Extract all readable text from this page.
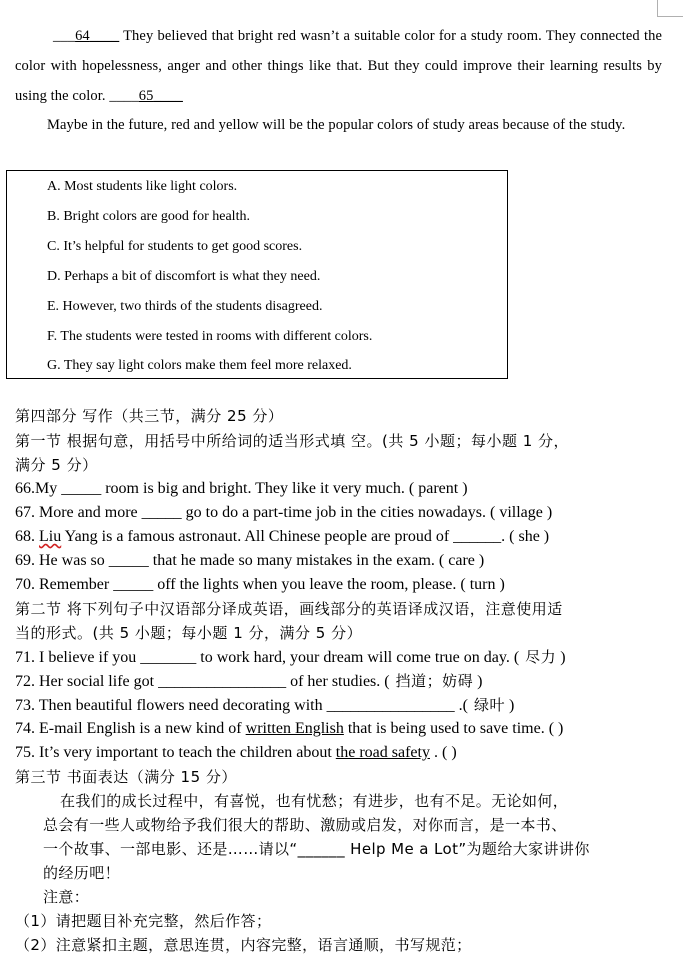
___64____ They believed that bright red wasn’t a suitable color for a study room. They connected the color with hopelessness, anger and other things like that. But they could improve their learning results by using the color. ____65____
Maybe in the future, red and yellow will be the popular colors of study areas because of the study.
A. Most students like light colors.
B. Bright colors are good for health.
C. It’s helpful for students to get good scores.
D. Perhaps a bit of discomfort is what they need.
E. However, two thirds of the students disagreed.
F. The students were tested in rooms with different colors.
G. They say light colors make them feel more relaxed.
第四部分 写作（共三节，满分 25 分）
第一节 根据句意，用括号中所给词的适当形式填 空。(共 5 小题；每小题 1 分，
满分 5 分）
66.My _____ room is big and bright. They like it very much. ( parent )
67. More and more _____ go to do a part-time job in the cities nowadays. ( village )
68. Liu Yang is a famous astronaut. All Chinese people are proud of ______. ( she )
69. He was so _____ that he made so many mistakes in the exam. ( care )
70. Remember _____ off the lights when you leave the room, please. ( turn )
第二节 将下列句子中汉语部分译成英语，画线部分的英语译成汉语，注意使用适
当的形式。(共 5 小题；每小题 1 分，满分 5 分）
71. I believe if you _______ to work hard, your dream will come true on day. ( 尽力 )
72. Her social life got ________________ of her studies. ( 挡道；妨碍 )
73. Then beautiful flowers need decorating with ________________ .( 绿叶 )
74. E-mail English is a new kind of written English that is being used to save time. ( )
75. It’s very important to teach the children about the road safety . ( )
第三节 书面表达（满分 15 分）
在我们的成长过程中，有喜悦，也有忧愁；有进步，也有不足。无论如何，
总会有一些人或物给予我们很大的帮助、激励或启发，对你而言，是一本书、
一个故事、一部电影、还是……请以“______ Help Me a Lot”为题给大家讲讲你
的经历吧！
注意：
（1）请把题目补充完整，然后作答；
（2）注意紧扣主题，意思连贯，内容完整，语言通顺，书写规范；
